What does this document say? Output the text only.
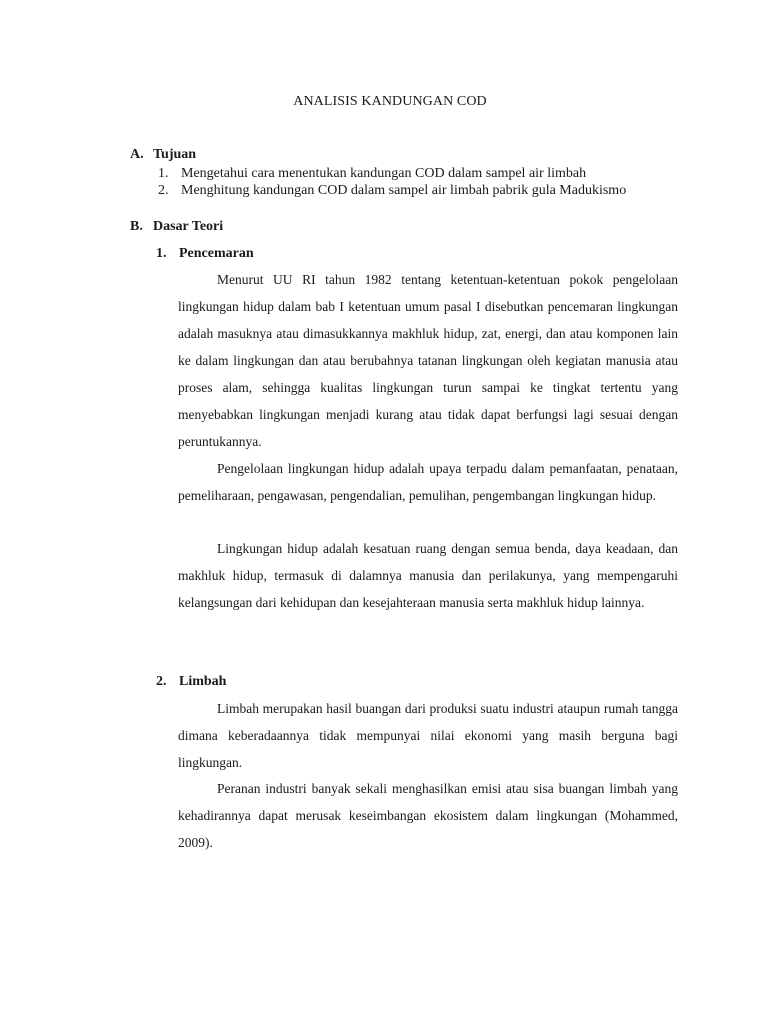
ANALISIS KANDUNGAN COD
A. Tujuan
1. Mengetahui cara menentukan kandungan COD dalam sampel air limbah
2. Menghitung kandungan COD dalam sampel air limbah pabrik gula Madukismo
B. Dasar Teori
1. Pencemaran

Menurut UU RI tahun 1982 tentang ketentuan-ketentuan pokok pengelolaan lingkungan hidup dalam bab I ketentuan umum pasal I disebutkan pencemaran lingkungan adalah masuknya atau dimasukkannya makhluk hidup, zat, energi, dan atau komponen lain ke dalam lingkungan dan atau berubahnya tatanan lingkungan oleh kegiatan manusia atau proses alam, sehingga kualitas lingkungan turun sampai ke tingkat tertentu yang menyebabkan lingkungan menjadi kurang atau tidak dapat berfungsi lagi sesuai dengan peruntukannya.

Pengelolaan lingkungan hidup adalah upaya terpadu dalam pemanfaatan, penataan, pemeliharaan, pengawasan, pengendalian, pemulihan, pengembangan lingkungan hidup.

Lingkungan hidup adalah kesatuan ruang dengan semua benda, daya keadaan, dan makhluk hidup, termasuk di dalamnya manusia dan perilakunya, yang mempengaruhi kelangsungan dari kehidupan dan kesejahteraan manusia serta makhluk hidup lainnya.

2. Limbah

Limbah merupakan hasil buangan dari produksi suatu industri ataupun rumah tangga dimana keberadaannya tidak mempunyai nilai ekonomi yang masih berguna bagi lingkungan.

Peranan industri banyak sekali menghasilkan emisi atau sisa buangan limbah yang kehadirannya dapat merusak keseimbangan ekosistem dalam lingkungan (Mohammed, 2009).
